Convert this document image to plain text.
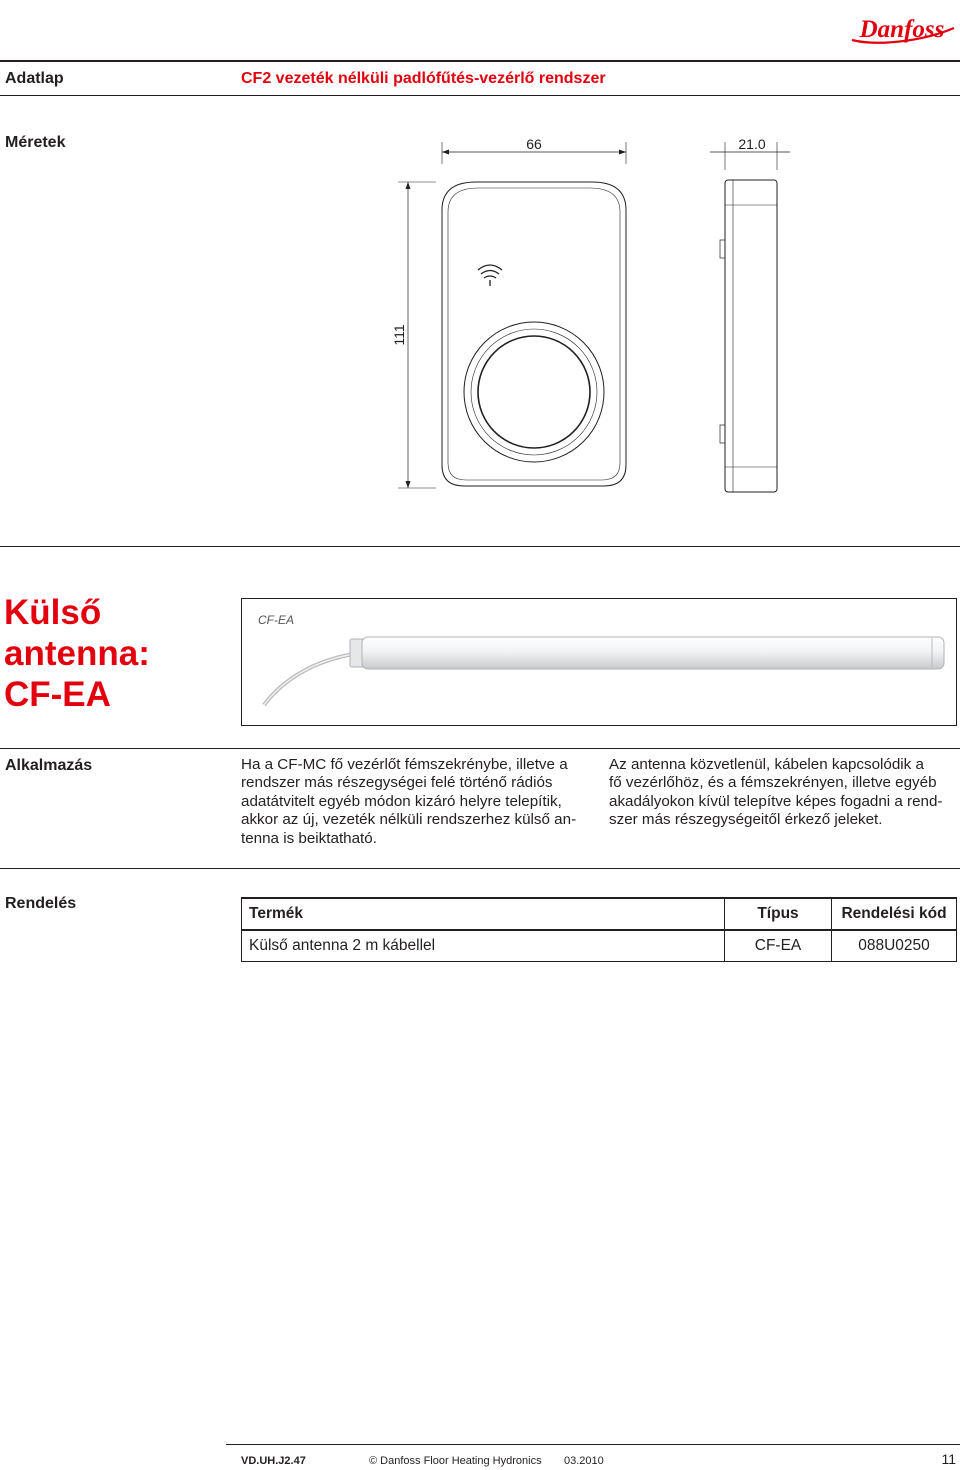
Danfoss
Adatlap	CF2 vezeték nélküli padlófűtés-vezérlő rendszer
Méretek	66	21.0
111
Külső
antenna:
CF-EA
CF-EA
Alkalmazás	Ha a CF-MC fő vezérlőt fémszekrénybe, illetve a
rendszer más részegységei felé történő rádiós
adatátvitelt egyéb módon kizáró helyre telepítik,
akkor az új, vezeték nélküli rendszerhez külső an-
tenna is beiktatható.
Az antenna közvetlenül, kábelen kapcsolódik a
fő vezérlőhöz, és a fémszekrényen, illetve egyéb
akadályokon kívül telepítve képes fogadni a rend-
szer más részegységeitől érkező jeleket.
Rendelés
Termék	Típus	Rendelési kód
Külső antenna 2 m kábellel	CF-EA	088U0250
VD.UH.J2.47	© Danfoss Floor Heating Hydronics 03.2010	11
